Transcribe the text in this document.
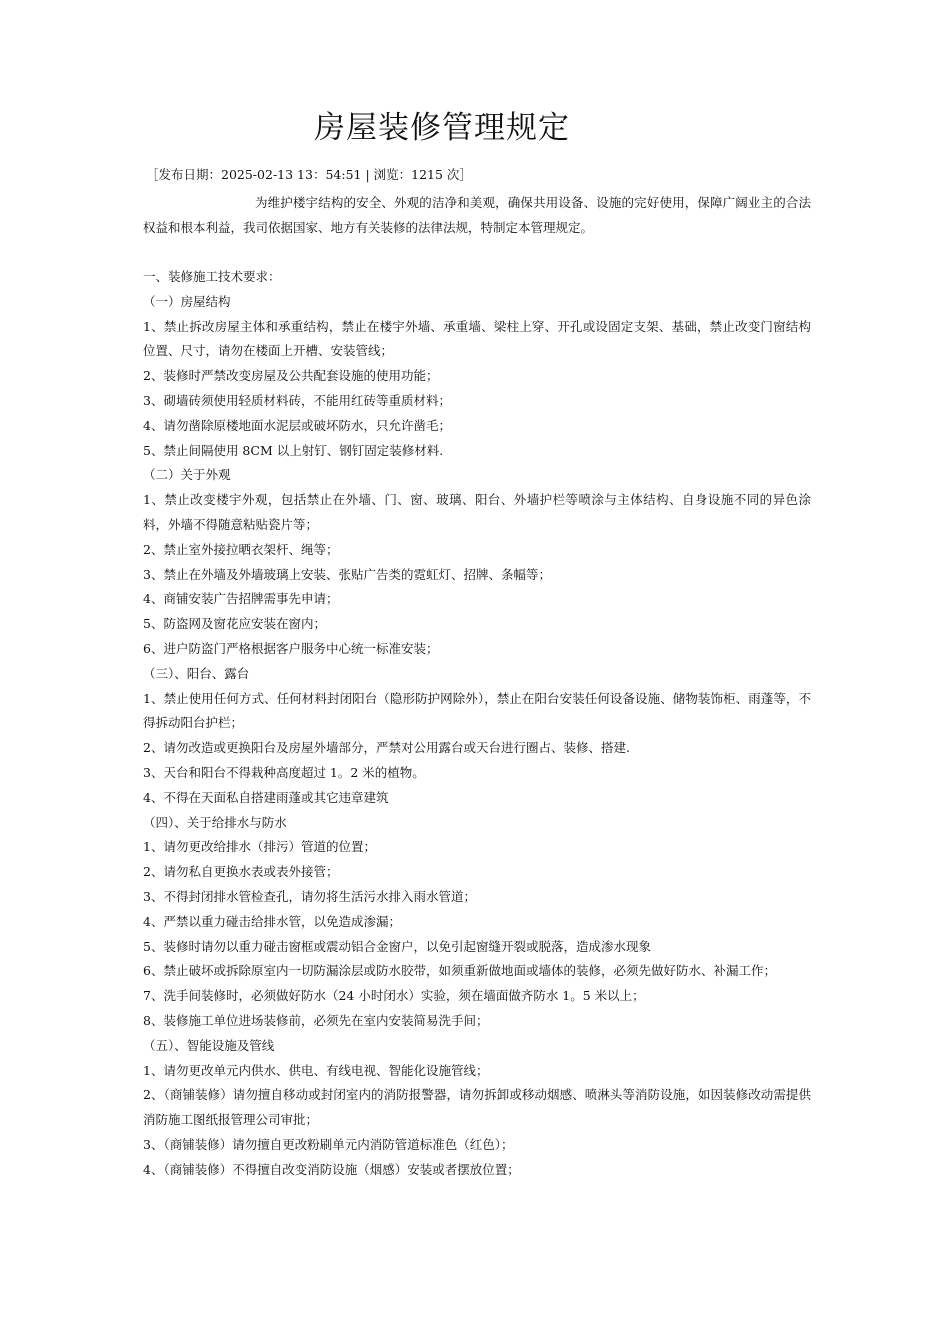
房屋装修管理规定
［发布日期：2025-02-13 13：54:51 | 浏览：1215 次］

为维护楼宇结构的安全、外观的洁净和美观，确保共用设备、设施的完好使用，保障广阔业主的合法权益和根本利益，我司依据国家、地方有关装修的法律法规，特制定本管理规定。

一、装修施工技术要求：

（一）房屋结构

1、禁止拆改房屋主体和承重结构，禁止在楼宇外墙、承重墙、梁柱上穿、开孔或设固定支架、基础，禁止改变门窗结构位置、尺寸，请勿在楼面上开槽、安装管线；

2、装修时严禁改变房屋及公共配套设施的使用功能；

3、砌墙砖须使用轻质材料砖，不能用红砖等重质材料；

4、请勿凿除原楼地面水泥层或破坏防水，只允许凿毛；

5、禁止间隔使用 8CM 以上射钉、钢钉固定装修材料.

（二）关于外观

1、禁止改变楼宇外观，包括禁止在外墙、门、窗、玻璃、阳台、外墙护栏等喷涂与主体结构、自身设施不同的异色涂料，外墙不得随意粘贴瓷片等；

2、禁止室外接拉晒衣架杆、绳等；

3、禁止在外墙及外墙玻璃上安装、张贴广告类的霓虹灯、招牌、条幅等；

4、商铺安装广告招牌需事先申请；

5、防盗网及窗花应安装在窗内；

6、进户防盗门严格根据客户服务中心统一标准安装；

（三）、阳台、露台

1、禁止使用任何方式、任何材料封闭阳台（隐形防护网除外），禁止在阳台安装任何设备设施、储物装饰柜、雨蓬等，不得拆动阳台护栏；

2、请勿改造或更换阳台及房屋外墙部分，严禁对公用露台或天台进行圈占、装修、搭建.

3、天台和阳台不得栽种高度超过 1。2 米的植物。

4、不得在天面私自搭建雨蓬或其它违章建筑

（四）、关于给排水与防水

1、请勿更改给排水（排污）管道的位置；

2、请勿私自更换水表或表外接管；

3、不得封闭排水管检查孔，请勿将生活污水排入雨水管道；

4、严禁以重力碰击给排水管，以免造成渗漏；

5、装修时请勿以重力碰击窗框或震动铝合金窗户，以免引起窗缝开裂或脱落，造成渗水现象

6、禁止破坏或拆除原室内一切防漏涂层或防水胶带，如须重新做地面或墙体的装修，必须先做好防水、补漏工作；

7、洗手间装修时，必须做好防水（24 小时闭水）实验，须在墙面做齐防水 1。5 米以上；

8、装修施工单位进场装修前，必须先在室内安装简易洗手间；

（五）、智能设施及管线

1、请勿更改单元内供水、供电、有线电视、智能化设施管线；

2、（商铺装修）请勿擅自移动或封闭室内的消防报警器，请勿拆卸或移动烟感、喷淋头等消防设施，如因装修改动需提供消防施工图纸报管理公司审批；

3、（商铺装修）请勿擅自更改粉刷单元内消防管道标准色（红色）；

4、（商铺装修）不得擅自改变消防设施（烟感）安装或者摆放位置；
